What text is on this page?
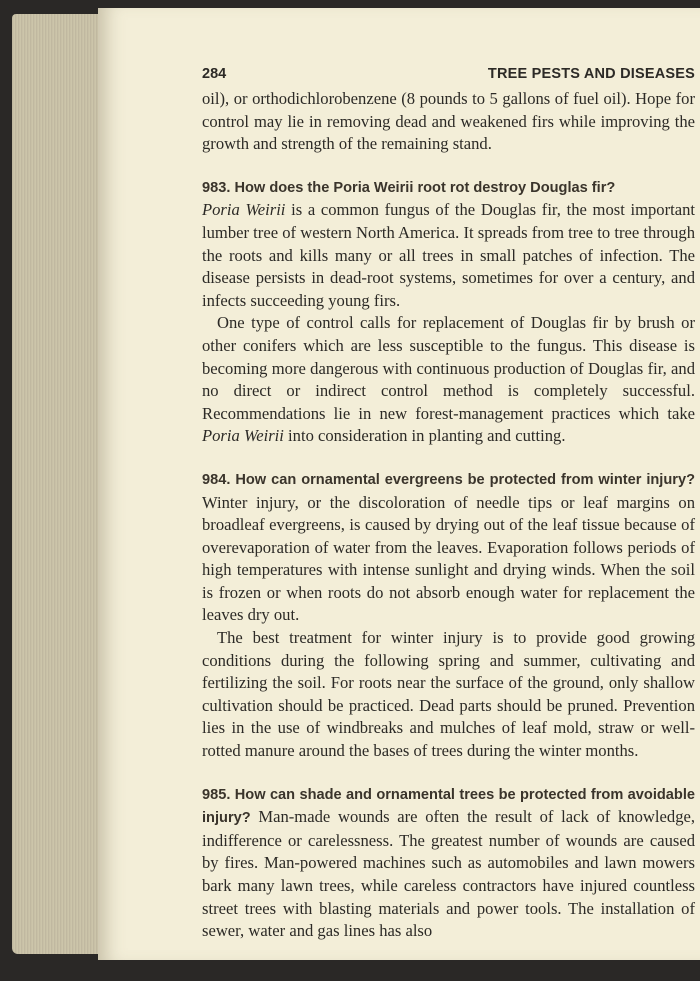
284	TREE PESTS AND DISEASES

oil), or orthodichlorobenzene (8 pounds to 5 gallons of fuel oil). Hope for control may lie in removing dead and weakened firs while improving the growth and strength of the remaining stand.

983. How does the Poria Weirii root rot destroy Douglas fir?
Poria Weirii is a common fungus of the Douglas fir, the most important lumber tree of western North America. It spreads from tree to tree through the roots and kills many or all trees in small patches of infection. The disease persists in dead-root systems, sometimes for over a century, and infects succeeding young firs.

One type of control calls for replacement of Douglas fir by brush or other conifers which are less susceptible to the fungus. This disease is becoming more dangerous with continuous production of Douglas fir, and no direct or indirect control method is completely successful. Recommendations lie in new forest-management practices which take Poria Weirii into consideration in planting and cutting.

984. How can ornamental evergreens be protected from winter injury? Winter injury, or the discoloration of needle tips or leaf margins on broadleaf evergreens, is caused by drying out of the leaf tissue because of overevaporation of water from the leaves. Evaporation follows periods of high temperatures with intense sunlight and drying winds. When the soil is frozen or when roots do not absorb enough water for replacement the leaves dry out.

The best treatment for winter injury is to provide good growing conditions during the following spring and summer, cultivating and fertilizing the soil. For roots near the surface of the ground, only shallow cultivation should be practiced. Dead parts should be pruned. Prevention lies in the use of windbreaks and mulches of leaf mold, straw or well-rotted manure around the bases of trees during the winter months.

985. How can shade and ornamental trees be protected from avoidable injury? Man-made wounds are often the result of lack of knowledge, indifference or carelessness. The greatest number of wounds are caused by fires. Man-powered machines such as automobiles and lawn mowers bark many lawn trees, while careless contractors have injured countless street trees with blasting materials and power tools. The installation of sewer, water and gas lines has also
